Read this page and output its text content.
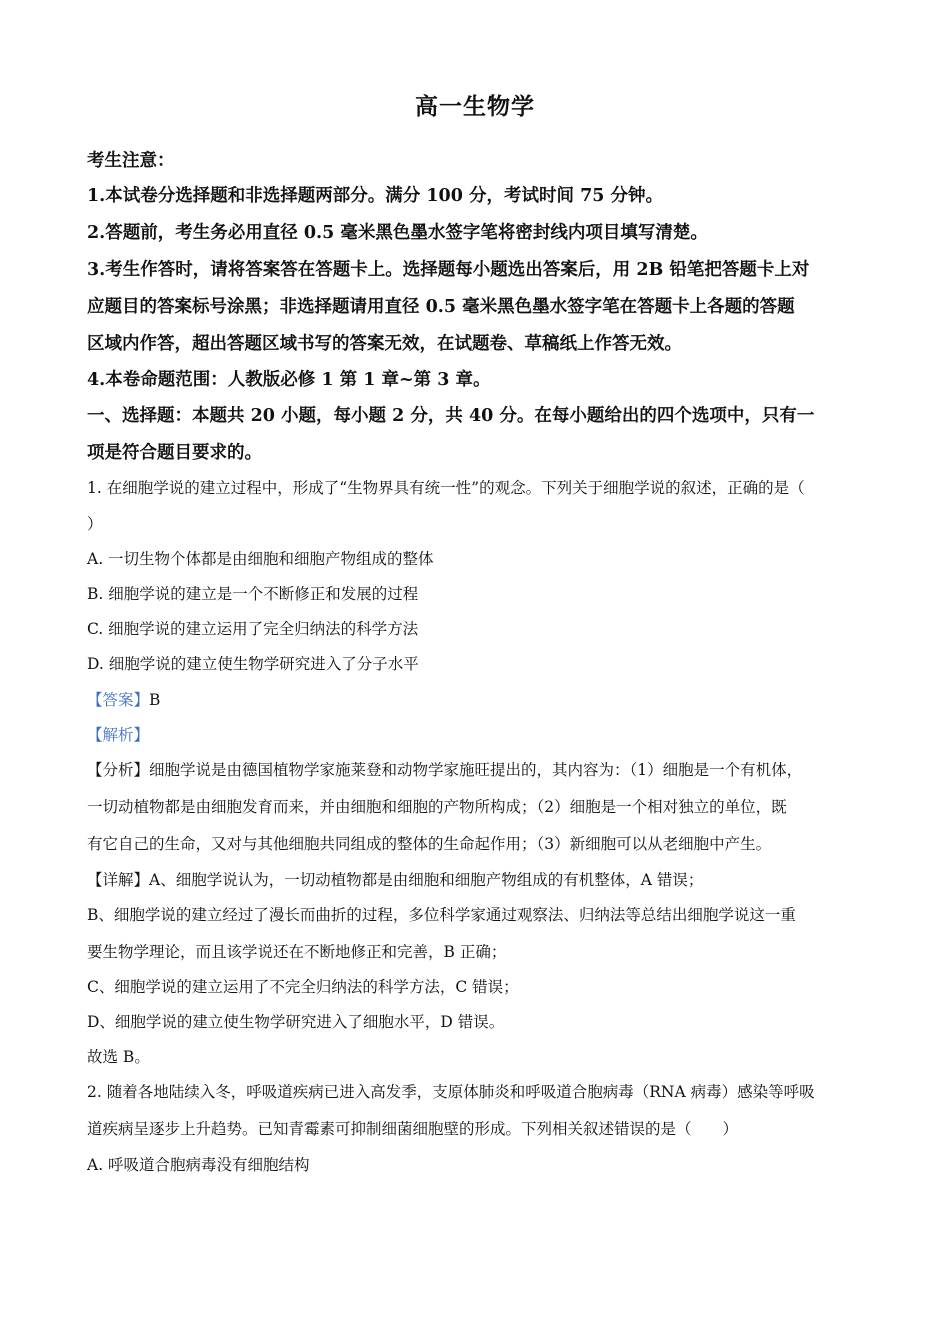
高一生物学
考生注意：
1.本试卷分选择题和非选择题两部分。满分 100 分，考试时间 75 分钟。
2.答题前，考生务必用直径 0.5 毫米黑色墨水签字笔将密封线内项目填写清楚。
3.考生作答时，请将答案答在答题卡上。选择题每小题选出答案后，用 2B 铅笔把答题卡上对
应题目的答案标号涂黑；非选择题请用直径 0.5 毫米黑色墨水签字笔在答题卡上各题的答题
区域内作答，超出答题区域书写的答案无效，在试题卷、草稿纸上作答无效。
4.本卷命题范围：人教版必修 1 第 1 章~第 3 章。
一、选择题：本题共 20 小题，每小题 2 分，共 40 分。在每小题给出的四个选项中，只有一
项是符合题目要求的。
1. 在细胞学说的建立过程中，形成了“生物界具有统一性”的观念。下列关于细胞学说的叙述，正确的是（
）
A. 一切生物个体都是由细胞和细胞产物组成的整体
B. 细胞学说的建立是一个不断修正和发展的过程
C. 细胞学说的建立运用了完全归纳法的科学方法
D. 细胞学说的建立使生物学研究进入了分子水平
【答案】B
【解析】
【分析】细胞学说是由德国植物学家施莱登和动物学家施旺提出的，其内容为：（1）细胞是一个有机体，
一切动植物都是由细胞发育而来，并由细胞和细胞的产物所构成；（2）细胞是一个相对独立的单位，既
有它自己的生命，又对与其他细胞共同组成的整体的生命起作用；（3）新细胞可以从老细胞中产生。
【详解】A、细胞学说认为，一切动植物都是由细胞和细胞产物组成的有机整体，A 错误；
B、细胞学说的建立经过了漫长而曲折的过程，多位科学家通过观察法、归纳法等总结出细胞学说这一重
要生物学理论，而且该学说还在不断地修正和完善，B 正确；
C、细胞学说的建立运用了不完全归纳法的科学方法，C 错误；
D、细胞学说的建立使生物学研究进入了细胞水平，D 错误。
故选 B。
2. 随着各地陆续入冬，呼吸道疾病已进入高发季，支原体肺炎和呼吸道合胞病毒（RNA 病毒）感染等呼吸
道疾病呈逐步上升趋势。已知青霉素可抑制细菌细胞壁的形成。下列相关叙述错误的是（　　）
A. 呼吸道合胞病毒没有细胞结构
